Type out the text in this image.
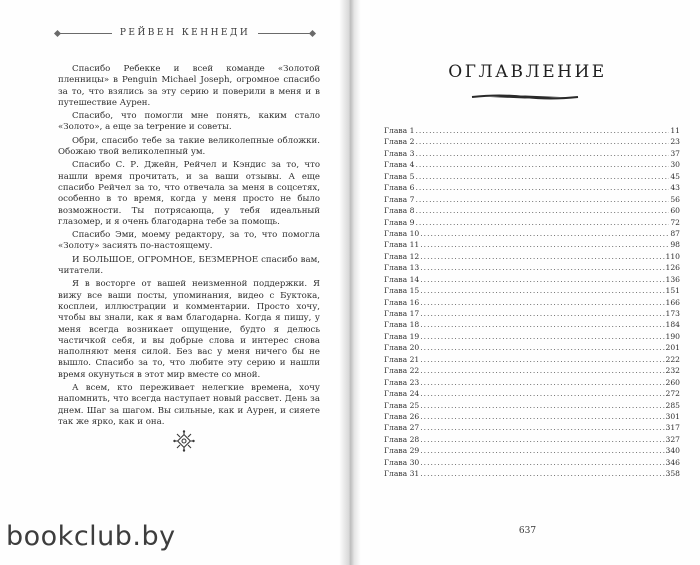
РЕЙВЕН КЕННЕДИ

Спасибо Ребекке и всей команде «Золотой пленницы» в Penguin Michael Joseph, огромное спасибо за то, что взялись за эту серию и поверили в меня и в путешествие Аурен.

Спасибо, что помогли мне понять, каким стало «Золото», а еще за terpение и советы.

Обри, спасибо тебе за такие великолепные обложки. Обожаю твой великолепный ум.

Спасибо С. Р. Джейн, Рейчел и Кэндис за то, что нашли время прочитать, и за ваши отзывы. А еще спасибо Рейчел за то, что отвечала за меня в соцсетях, особенно в то время, когда у меня просто не было возможности. Ты потрясающа, у тебя идеальный глазомер, и я очень благодарна тебе за помощь.

Спасибо Эми, моему редактору, за то, что помогла «Золоту» засиять по-настоящему.

И БОЛЬШОЕ, ОГРОМНОЕ, БЕЗМЕРНОЕ спасибо вам, читатели.

Я в восторге от вашей неизменной поддержки. Я вижу все ваши посты, упоминания, видео с Буктока, косплеи, иллюстрации и комментарии. Просто хочу, чтобы вы знали, как я вам благодарна. Когда я пишу, у меня всегда возникает ощущение, будто я делюсь частичкой себя, и вы добрые слова и интерес снова наполняют меня силой. Без вас у меня ничего бы не вышло. Спасибо за то, что любите эту серию и нашли время окунуться в этот мир вместе со мной.

А всем, кто переживает нелегкие времена, хочу напомнить, что всегда наступает новый рассвет. День за днем. Шаг за шагом. Вы сильные, как и Аурен, и сияете так же ярко, как и она.

bookclub.by
ОГЛАВЛЕНИЕ
Глава 1 .....	11
Глава 2 .....	23
Глава 3 .....	37
Глава 4 .....	30
Глава 5 .....	45
Глава 6 .....	43
Глава 7 .....	56
Глава 8 .....	60
Глава 9 .....	72
Глава 10 .....	87
Глава 11 .....	98
Глава 12 .....	110
Глава 13 .....	126
Глава 14 .....	136
Глава 15 .....	151
Глава 16 .....	166
Глава 17 .....	173
Глава 18 .....	184
Глава 19 .....	190
Глава 20 .....	201
Глава 21 .....	222
Глава 22 .....	232
Глава 23 .....	260
Глава 24 .....	272
Глава 25 .....	285
Глава 26 .....	301
Глава 27 .....	317
Глава 28 .....	327
Глава 29 .....	340
Глава 30 .....	346
Глава 31 .....	358
637
